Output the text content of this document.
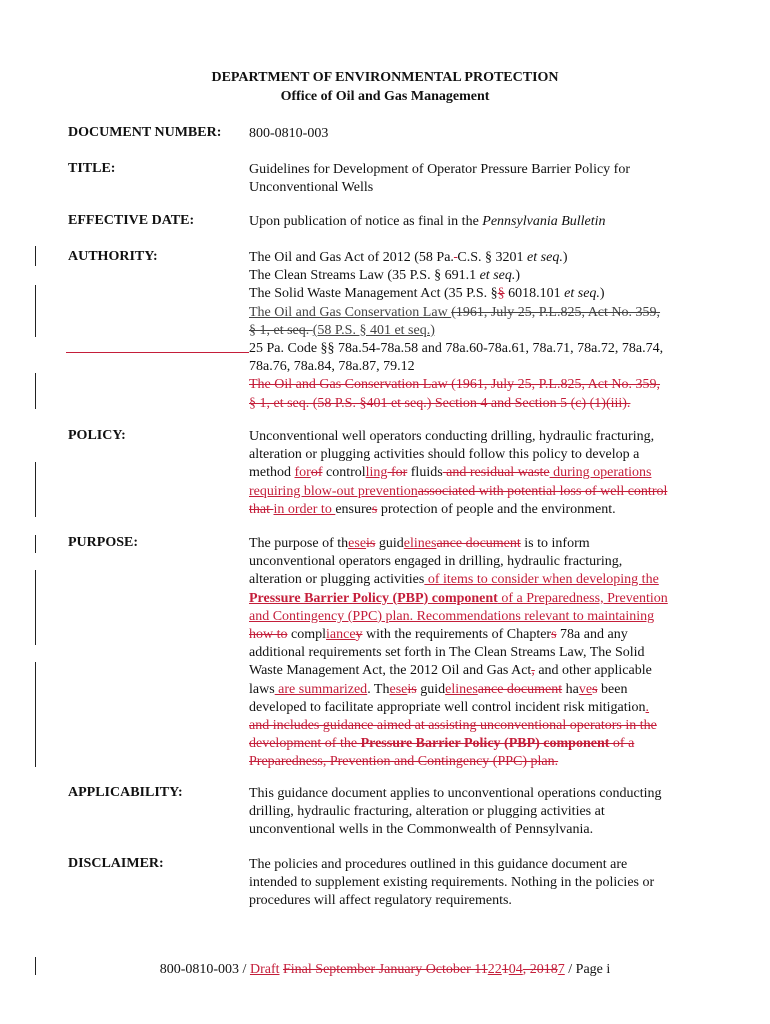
DEPARTMENT OF ENVIRONMENTAL PROTECTION
Office of Oil and Gas Management
DOCUMENT NUMBER: 800-0810-003
TITLE:	Guidelines for Development of Operator Pressure Barrier Policy for
Unconventional Wells
EFFECTIVE DATE:	Upon publication of notice as final in the Pennsylvania Bulletin
AUTHORITY:	The Oil and Gas Act of 2012 (58 Pa. C.S. § 3201 et seq.)
The Clean Streams Law (35 P.S. § 691.1 et seq.)
The Solid Waste Management Act (35 P.S. §§ 6018.101 et seq.)
The Oil and Gas Conservation Law (1961, July 25, P.L.825, Act No. 359,
§ 1, et seq. (58 P.S. § 401 et seq.)
25 Pa. Code §§ 78a.54-78a.58 and 78a.60-78a.61, 78a.71, 78a.72, 78a.74,
78a.76, 78a.84, 78a.87, 79.12
The Oil and Gas Conservation Law (1961, July 25, P.L.825, Act No. 359,
§ 1, et seq. (58 P.S. §401 et seq.) Section 4 and Section 5 (c) (1)(iii).
POLICY:	Unconventional well operators conducting drilling, hydraulic fracturing,
alteration or plugging activities should follow this policy to develop a
method forof controlling for fluids and residual waste during operations
requiring blow-out preventionassociated with potential loss of well control
that in order to ensures protection of people and the environment.
PURPOSE:	The purpose of theseis guidelinesance document is to inform
unconventional operators engaged in drilling, hydraulic fracturing,
alteration or plugging activities of items to consider when developing the
Pressure Barrier Policy (PBP) component of a Preparedness, Prevention
and Contingency (PPC) plan. Recommendations relevant to maintaining
how to compliancey with the requirements of Chapters 78a and any
additional requirements set forth in The Clean Streams Law, The Solid
Waste Management Act, the 2012 Oil and Gas Act, and other applicable
laws are summarized. Theseis guidelinesance document haves been
developed to facilitate appropriate well control incident risk mitigation.
and includes guidance aimed at assisting unconventional operators in the
development of the Pressure Barrier Policy (PBP) component of a
Preparedness, Prevention and Contingency (PPC) plan.
APPLICABILITY:	This guidance document applies to unconventional operations conducting
drilling, hydraulic fracturing, alteration or plugging activities at
unconventional wells in the Commonwealth of Pennsylvania.
DISCLAIMER:	The policies and procedures outlined in this guidance document are
intended to supplement existing requirements. Nothing in the policies or
procedures will affect regulatory requirements.
800-0810-003 / Draft Final September January October 1122104, 20187 / Page i
